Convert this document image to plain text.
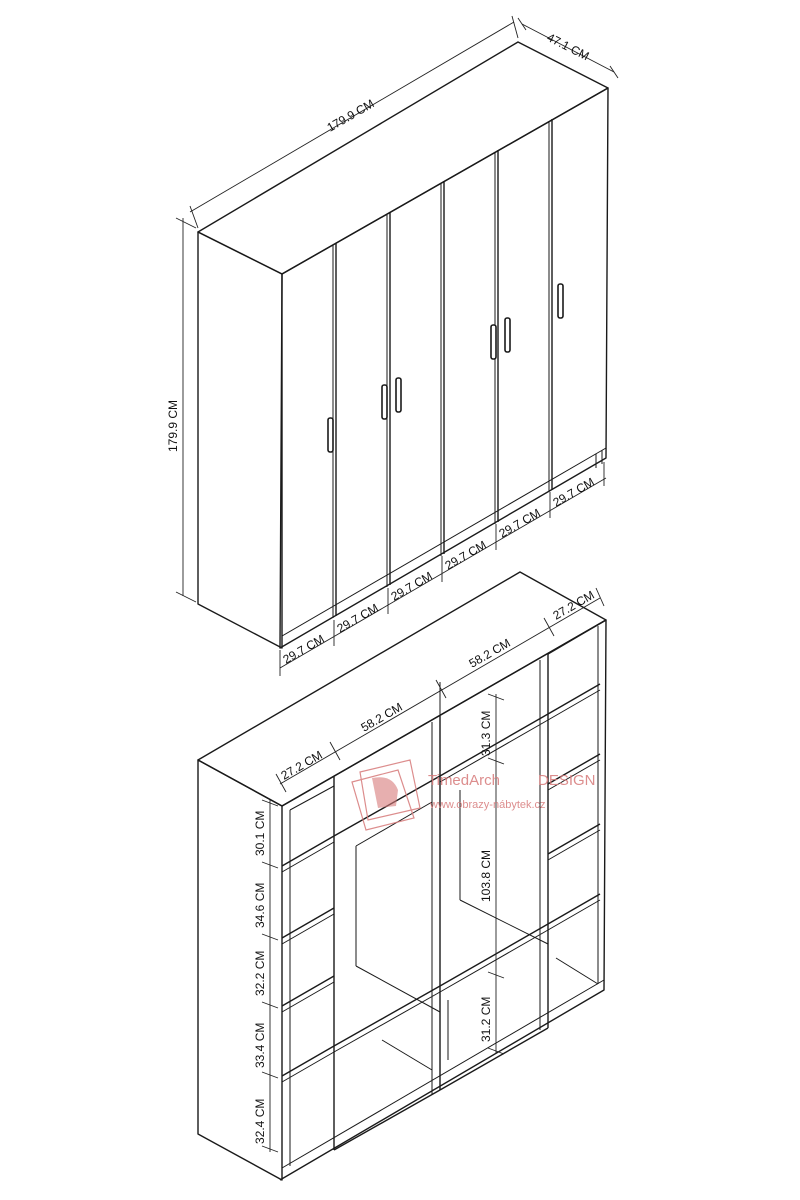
179.9 CM
47.1 CM
179.9 CM
29.7 CM
29.7 CM
29.7 CM
29.7 CM
29.7 CM
29.7 CM
27.2 CM
58.2 CM
58.2 CM
27.2 CM
30.1 CM
34.6 CM
32.2 CM
33.4 CM
32.4 CM
31.3 CM
103.8 CM
31.2 CM
TimedArch	DESIGN
www.obrazy-nábytek.cz
